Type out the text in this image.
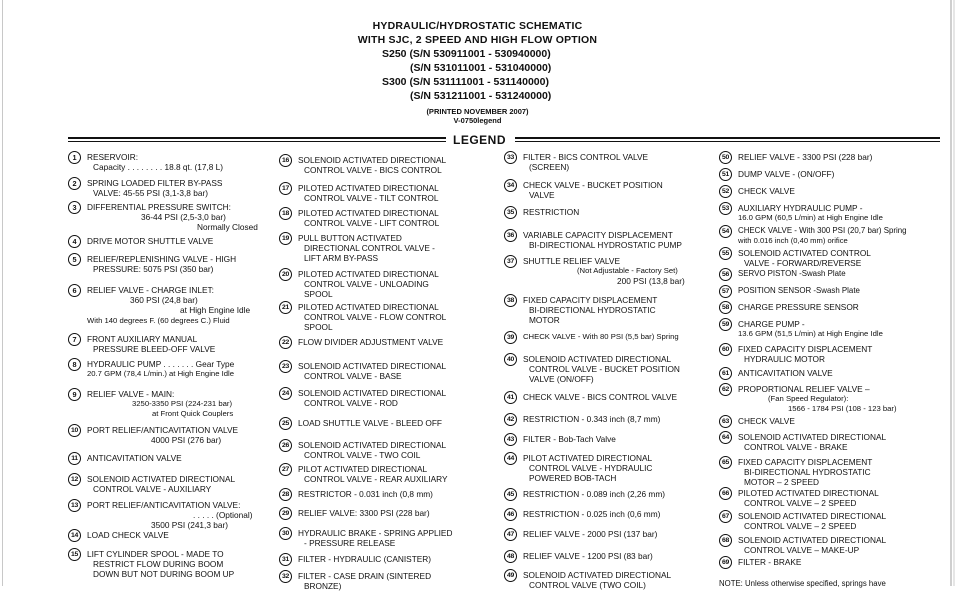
HYDRAULIC/HYDROSTATIC SCHEMATIC
WITH SJC, 2 SPEED AND HIGH FLOW OPTION
S250 (S/N 530911001 - 530940000)
(S/N 531011001 - 531040000)
S300 (S/N 531111001 - 531140000)
(S/N 531211001 - 531240000)
(PRINTED NOVEMBER 2007)
V-0750legend
LEGEND
1	RESERVOIR:
Capacity . . . . . . . . 18.8 qt. (17,8 L)
2	SPRING LOADED FILTER BY-PASS
VALVE: 45-55 PSI (3,1-3,8 bar)
3	DIFFERENTIAL PRESSURE SWITCH:
36-44 PSI (2,5-3,0 bar)
Normally Closed
4	DRIVE MOTOR SHUTTLE VALVE
5	RELIEF/REPLENISHING VALVE - HIGH
PRESSURE: 5075 PSI (350 bar)
6	RELIEF VALVE - CHARGE INLET:
360 PSI (24,8 bar)
at High Engine Idle
With 140 degrees F. (60 degrees C.) Fluid
7	FRONT AUXILIARY MANUAL
PRESSURE BLEED-OFF VALVE
8	HYDRAULIC PUMP . . . . . . . Gear Type
20.7 GPM (78,4 L/min.) at High Engine Idle
9	RELIEF VALVE - MAIN:
3250-3350 PSI (224-231 bar)
at Front Quick Couplers
10	PORT RELIEF/ANTICAVITATION VALVE
4000 PSI (276 bar)
11	ANTICAVITATION VALVE
12	SOLENOID ACTIVATED DIRECTIONAL
CONTROL VALVE - AUXILIARY
13	PORT RELIEF/ANTICAVITATION VALVE:
. . . . . (Optional)
3500 PSI (241,3 bar)
14	LOAD CHECK VALVE
15	LIFT CYLINDER SPOOL - MADE TO
RESTRICT FLOW DURING BOOM
DOWN BUT NOT DURING BOOM UP
16	SOLENOID ACTIVATED DIRECTIONAL
CONTROL VALVE - BICS CONTROL
17	PILOTED ACTIVATED DIRECTIONAL
CONTROL VALVE - TILT CONTROL
18	PILOTED ACTIVATED DIRECTIONAL
CONTROL VALVE - LIFT CONTROL
19	PULL BUTTON ACTIVATED
DIRECTIONAL CONTROL VALVE -
LIFT ARM BY-PASS
20	PILOTED ACTIVATED DIRECTIONAL
CONTROL VALVE - UNLOADING
SPOOL
21	PILOTED ACTIVATED DIRECTIONAL
CONTROL VALVE - FLOW CONTROL
SPOOL
22	FLOW DIVIDER ADJUSTMENT VALVE
23	SOLENOID ACTIVATED DIRECTIONAL
CONTROL VALVE - BASE
24	SOLENOID ACTIVATED DIRECTIONAL
CONTROL VALVE - ROD
25	LOAD SHUTTLE VALVE - BLEED OFF
26	SOLENOID ACTIVATED DIRECTIONAL
CONTROL VALVE - TWO COIL
27	PILOT ACTIVATED DIRECTIONAL
CONTROL VALVE - REAR AUXILIARY
28	RESTRICTOR - 0.031 inch (0,8 mm)
29	RELIEF VALVE: 3300 PSI (228 bar)
30	HYDRAULIC BRAKE - SPRING APPLIED
- PRESSURE RELEASE
31	FILTER - HYDRAULIC (CANISTER)
32	FILTER - CASE DRAIN (SINTERED
BRONZE)
33	FILTER - BICS CONTROL VALVE
(SCREEN)
34	CHECK VALVE - BUCKET POSITION
VALVE
35	RESTRICTION
36	VARIABLE CAPACITY DISPLACEMENT
BI-DIRECTIONAL HYDROSTATIC PUMP
37	SHUTTLE RELIEF VALVE
(Not Adjustable - Factory Set)
200 PSI (13,8 bar)
38	FIXED CAPACITY DISPLACEMENT
BI-DIRECTIONAL HYDROSTATIC
MOTOR
39	CHECK VALVE - With 80 PSI (5,5 bar) Spring
40	SOLENOID ACTIVATED DIRECTIONAL
CONTROL VALVE - BUCKET POSITION
VALVE (ON/OFF)
41	CHECK VALVE - BICS CONTROL VALVE
42	RESTRICTION - 0.343 inch (8,7 mm)
43	FILTER - Bob-Tach Valve
44	PILOT ACTIVATED DIRECTIONAL
CONTROL VALVE - HYDRAULIC
POWERED BOB-TACH
45	RESTRICTION - 0.089 inch (2,26 mm)
46	RESTRICTION - 0.025 inch (0,6 mm)
47	RELIEF VALVE - 2000 PSI (137 bar)
48	RELIEF VALVE - 1200 PSI (83 bar)
49	SOLENOID ACTIVATED DIRECTIONAL
CONTROL VALVE (TWO COIL)
50	RELIEF VALVE - 3300 PSI (228 bar)
51	DUMP VALVE - (ON/OFF)
52	CHECK VALVE
53	AUXILIARY HYDRAULIC PUMP -
16.0 GPM (60,5 L/min) at High Engine Idle
54	CHECK VALVE - With 300 PSI (20,7 bar) Spring
with 0.016 inch (0,40 mm) orifice
55	SOLENOID ACTIVATED CONTROL
VALVE - FORWARD/REVERSE
56	SERVO PISTON -Swash Plate
57	POSITION SENSOR -Swash Plate
58	CHARGE PRESSURE SENSOR
59	CHARGE PUMP -
13.6 GPM (51,5 L/min) at High Engine Idle
60	FIXED CAPACITY DISPLACEMENT
HYDRAULIC MOTOR
61	ANTICAVITATION VALVE
62	PROPORTIONAL RELIEF VALVE –
(Fan Speed Regulator):
1566 - 1784 PSI (108 - 123 bar)
63	CHECK VALVE
64	SOLENOID ACTIVATED DIRECTIONAL
CONTROL VALVE - BRAKE
65	FIXED CAPACITY DISPLACEMENT
BI-DIRECTIONAL HYDROSTATIC
MOTOR – 2 SPEED
66	PILOTED ACTIVATED DIRECTIONAL
CONTROL VALVE – 2 SPEED
67	SOLENOID ACTIVATED DIRECTIONAL
CONTROL VALVE – 2 SPEED
68	SOLENOID ACTIVATED DIRECTIONAL
CONTROL VALVE – MAKE-UP
69	FILTER - BRAKE
NOTE: Unless otherwise specified, springs have
